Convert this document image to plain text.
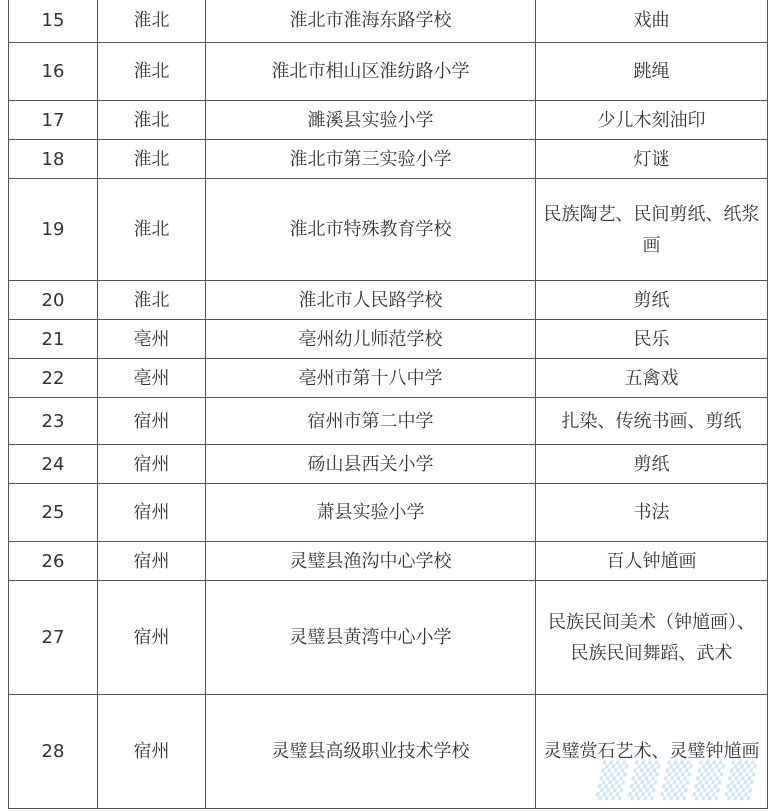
15	淮北	淮北市淮海东路学校	戏曲
16	淮北	淮北市相山区淮纺路小学	跳绳
17	淮北	濉溪县实验小学	少儿木刻油印
18	淮北	淮北市第三实验小学	灯谜
19	淮北	淮北市特殊教育学校	民族陶艺、民间剪纸、纸浆画
20	淮北	淮北市人民路学校	剪纸
21	亳州	亳州幼儿师范学校	民乐
22	亳州	亳州市第十八中学	五禽戏
23	宿州	宿州市第二中学	扎染、传统书画、剪纸
24	宿州	砀山县西关小学	剪纸
25	宿州	萧县实验小学	书法
26	宿州	灵璧县渔沟中心学校	百人钟馗画
27	宿州	灵璧县黄湾中心小学	民族民间美术（钟馗画）、民族民间舞蹈、武术
28	宿州	灵璧县高级职业技术学校	灵璧赏石艺术、灵璧钟馗画
▒▒▒▒▒
